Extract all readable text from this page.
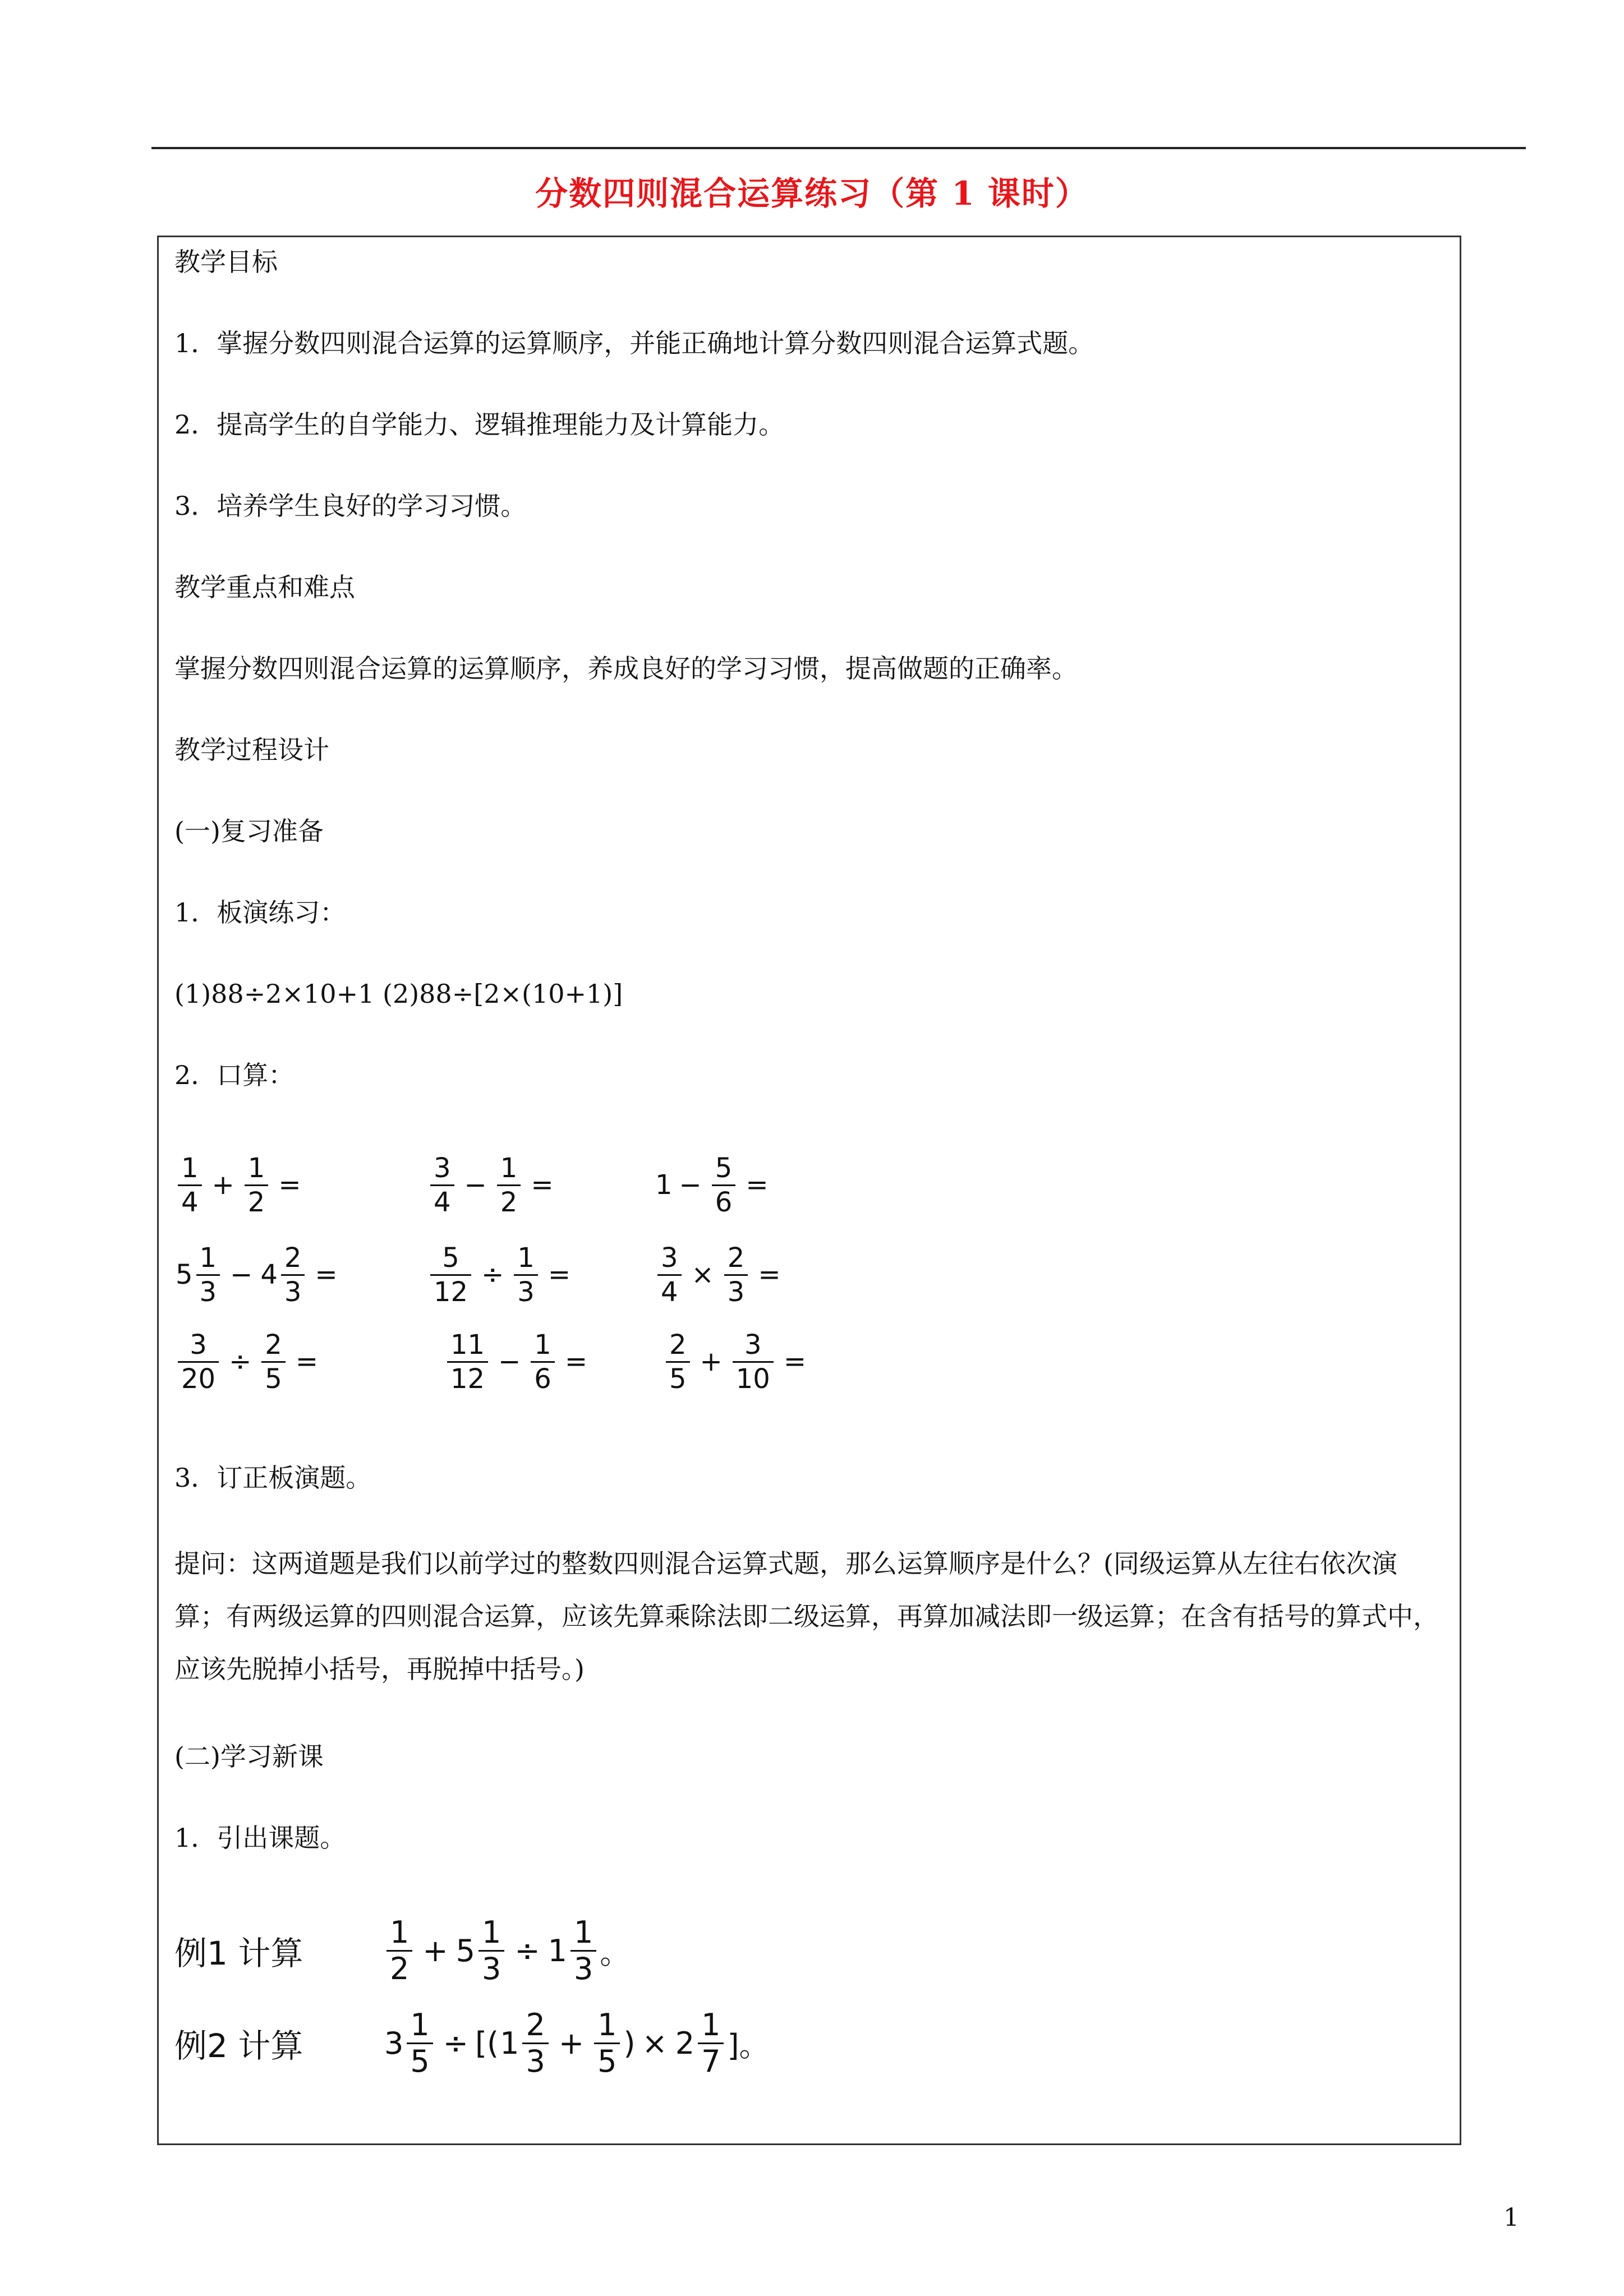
分数四则混合运算练习（第 1 课时）
教学目标
1．掌握分数四则混合运算的运算顺序，并能正确地计算分数四则混合运算式题。
2．提高学生的自学能力、逻辑推理能力及计算能力。
3．培养学生良好的学习习惯。
教学重点和难点
掌握分数四则混合运算的运算顺序，养成良好的学习习惯，提高做题的正确率。
教学过程设计
(一)复习准备
1．板演练习：
(1)88÷2×10+1 (2)88÷[2×(10+1)]
2．口算：
$\frac{1}{4} + \frac{1}{2}$ =	$\frac{3}{4} - \frac{1}{2}$ =	$1 - \frac{5}{6}$ =
$5 \frac{1}{3} - 4 \frac{2}{3}$ =	$\frac{5}{12} \div \frac{1}{3}$ =	$\frac{3}{4} \times \frac{2}{3}$ =
$\frac{3}{20} \div \frac{2}{5}$ =	$\frac{11}{12} - \frac{1}{6}$ =	$\frac{2}{5} + \frac{3}{10}$ =
3．订正板演题。
提问：这两道题是我们以前学过的整数四则混合运算式题，那么运算顺序是什么？(同级运算从左往右依次演算；有两级运算的四则混合运算，应该先算乘除法即二级运算，再算加减法即一级运算；在含有括号的算式中，应该先脱掉小括号，再脱掉中括号。)
(二)学习新课
1．引出课题。
例1 计算	$\frac{1}{2} + 5 \frac{1}{3} \div 1 \frac{1}{3}$ 。
例2 计算	$3 \frac{1}{5}$ ÷ [( $1 \frac{2}{3} + \frac{1}{5}$ ) × $2 \frac{1}{7}$ ]。
1
